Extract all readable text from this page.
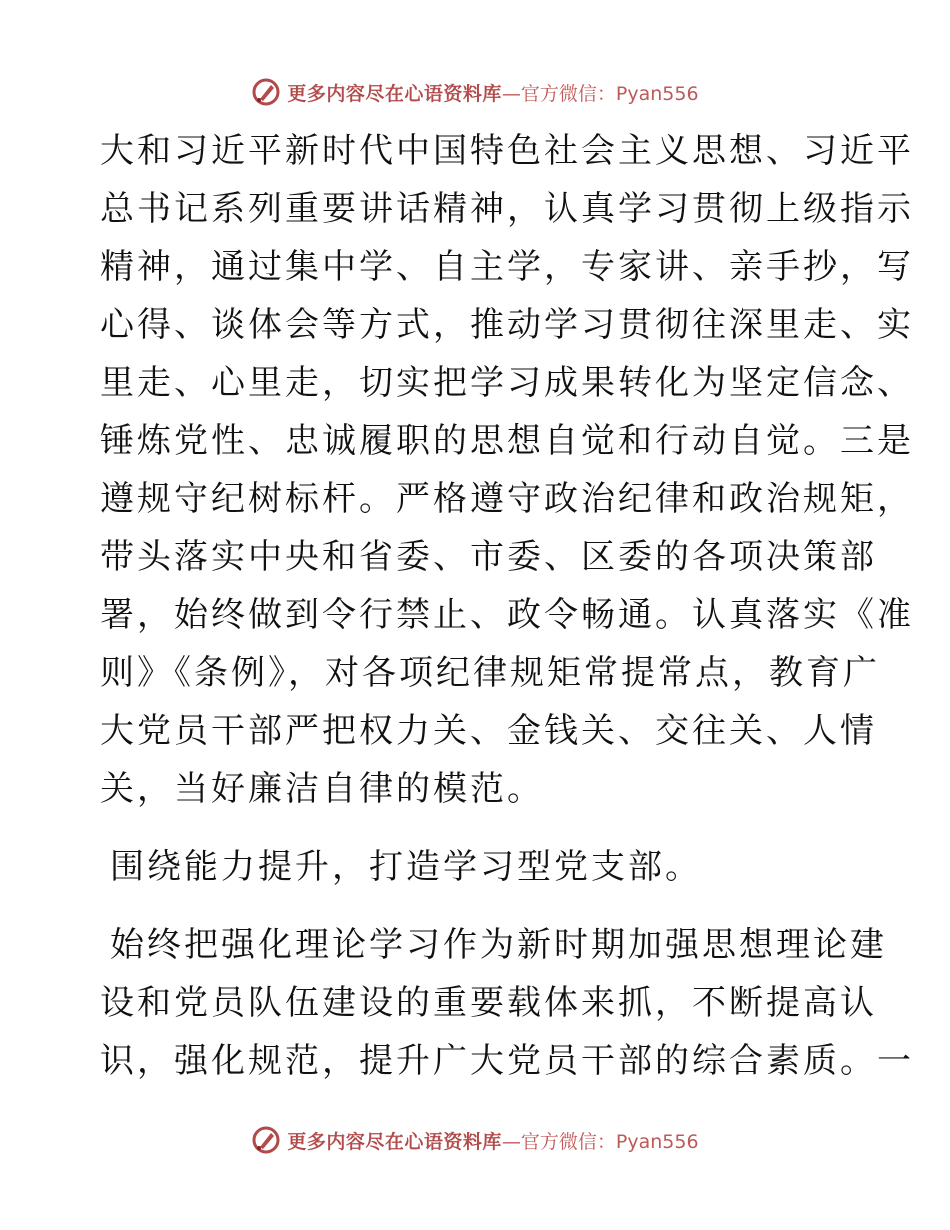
更多内容尽在心语资料库 —官方微信：Pyan556
大和习近平新时代中国特色社会主义思想、习近平
总书记系列重要讲话精神，认真学习贯彻上级指示
精神，通过集中学、自主学，专家讲、亲手抄，写
心得、谈体会等方式，推动学习贯彻往深里走、实
里走、心里走，切实把学习成果转化为坚定信念、
锤炼党性、忠诚履职的思想自觉和行动自觉。三是
遵规守纪树标杆。严格遵守政治纪律和政治规矩，
带头落实中央和省委、市委、区委的各项决策部
署，始终做到令行禁止、政令畅通。认真落实《准
则》《条例》，对各项纪律规矩常提常点，教育广
大党员干部严把权力关、金钱关、交往关、人情
关，当好廉洁自律的模范。
围绕能力提升，打造学习型党支部。
始终把强化理论学习作为新时期加强思想理论建
设和党员队伍建设的重要载体来抓，不断提高认
识，强化规范，提升广大党员干部的综合素质。一
更多内容尽在心语资料库 —官方微信：Pyan556
